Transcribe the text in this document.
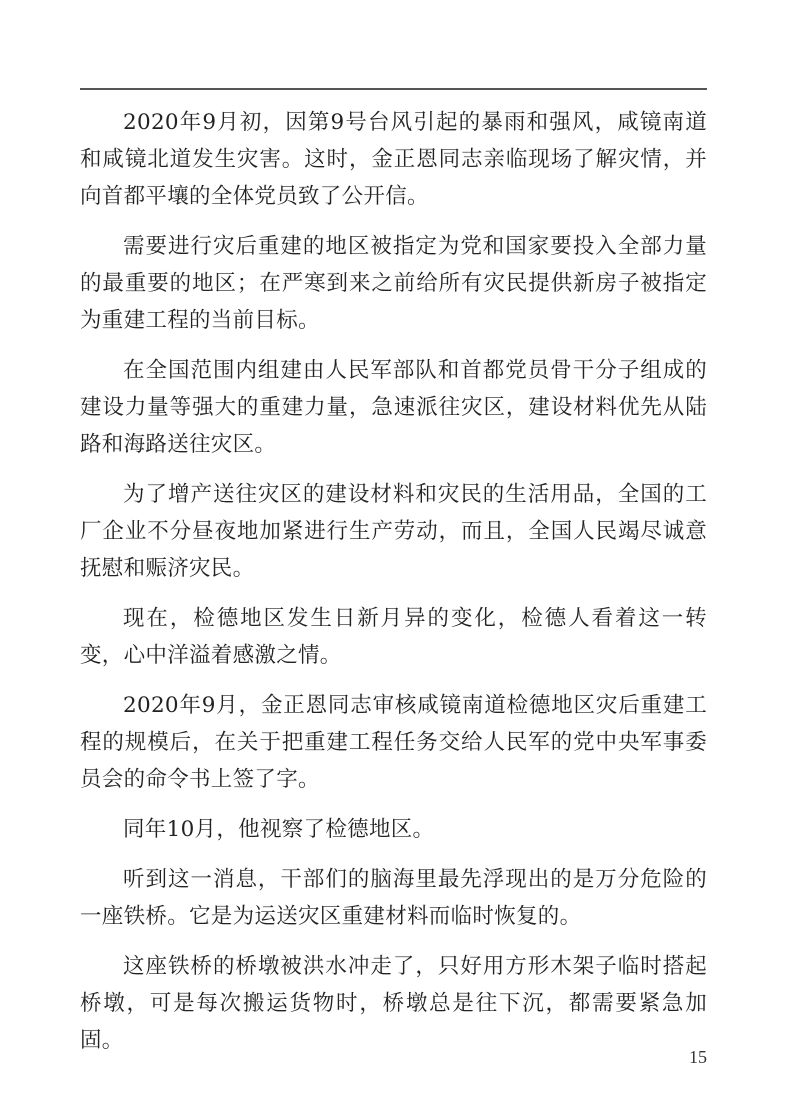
2020年9月初，因第9号台风引起的暴雨和强风，咸镜南道和咸镜北道发生灾害。这时，金正恩同志亲临现场了解灾情，并向首都平壤的全体党员致了公开信。

需要进行灾后重建的地区被指定为党和国家要投入全部力量的最重要的地区；在严寒到来之前给所有灾民提供新房子被指定为重建工程的当前目标。

在全国范围内组建由人民军部队和首都党员骨干分子组成的建设力量等强大的重建力量，急速派往灾区，建设材料优先从陆路和海路送往灾区。

为了增产送往灾区的建设材料和灾民的生活用品，全国的工厂企业不分昼夜地加紧进行生产劳动，而且，全国人民竭尽诚意抚慰和赈济灾民。

现在，检德地区发生日新月异的变化，检德人看着这一转变，心中洋溢着感激之情。

2020年9月，金正恩同志审核咸镜南道检德地区灾后重建工程的规模后，在关于把重建工程任务交给人民军的党中央军事委员会的命令书上签了字。

同年10月，他视察了检德地区。

听到这一消息，干部们的脑海里最先浮现出的是万分危险的一座铁桥。它是为运送灾区重建材料而临时恢复的。

这座铁桥的桥墩被洪水冲走了，只好用方形木架子临时搭起桥墩，可是每次搬运货物时，桥墩总是往下沉，都需要紧急加固。

15
